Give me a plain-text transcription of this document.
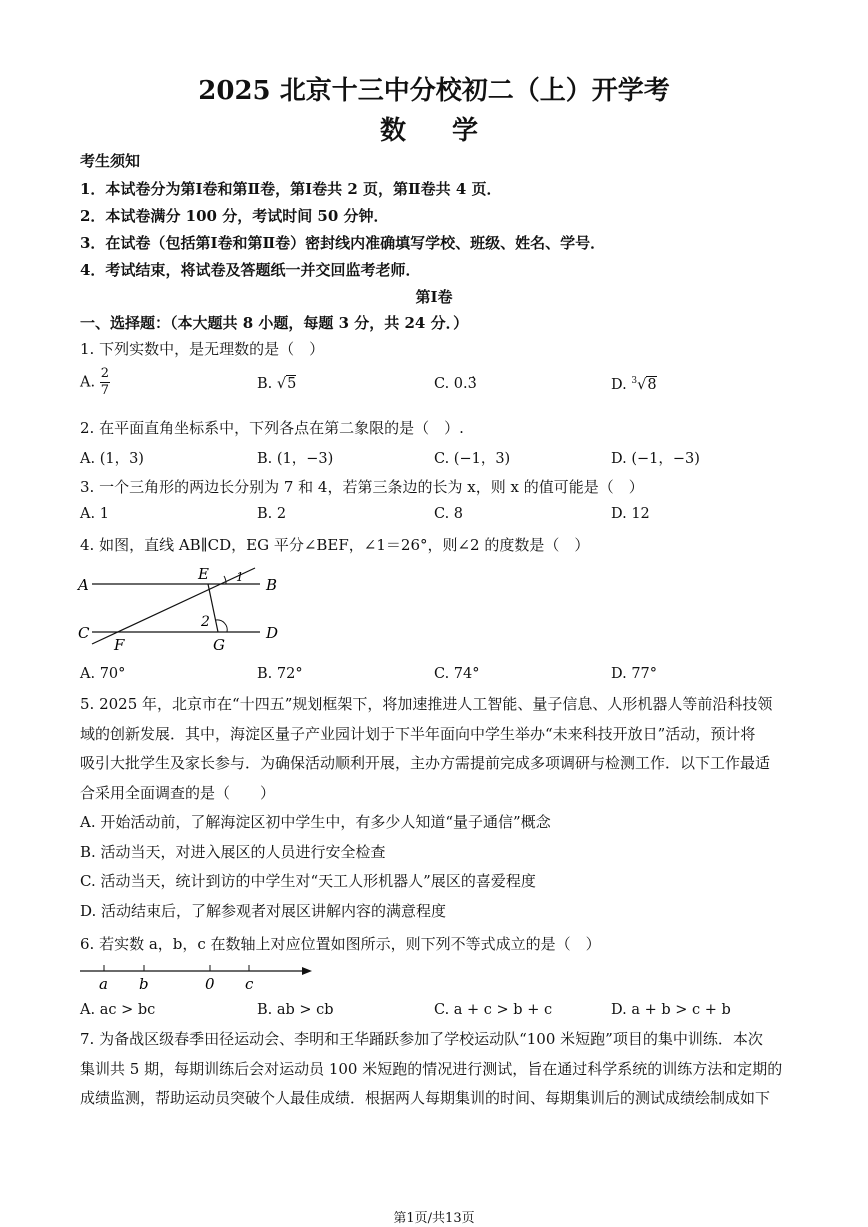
2025 北京十三中分校初二（上）开学考
数　学
考生须知
1．本试卷分为第Ⅰ卷和第Ⅱ卷，第Ⅰ卷共 2 页，第Ⅱ卷共 4 页．
2．本试卷满分 100 分，考试时间 50 分钟．
3．在试卷（包括第Ⅰ卷和第Ⅱ卷）密封线内准确填写学校、班级、姓名、学号．
4．考试结束，将试卷及答题纸一并交回监考老师．
第Ⅰ卷
一、选择题：（本大题共 8 小题，每题 3 分，共 24 分．）
1. 下列实数中，是无理数的是（　）
A. $\frac{2}{7}$	B. √5	C. 0.3̇	D. $^3$√8
2. 在平面直角坐标系中，下列各点在第二象限的是（　）.
A. (1，3)	B. (1，−3)	C. (−1，3)	D. (−1，−3)
3. 一个三角形的两边长分别为 7 和 4，若第三条边的长为 x，则 x 的值可能是（　）
A. 1	B. 2	C. 8	D. 12
4. 如图，直线 AB∥CD，EG 平分∠BEF，∠1＝26°，则∠2 的度数是（　）
A	B
C	D
E
F	G
1
2
A. 70°	B. 72°	C. 74°	D. 77°
5. 2025 年，北京市在“十四五”规划框架下，将加速推进人工智能、量子信息、人形机器人等前沿科技领
域的创新发展．其中，海淀区量子产业园计划于下半年面向中学生举办“未来科技开放日”活动，预计将
吸引大批学生及家长参与．为确保活动顺利开展，主办方需提前完成多项调研与检测工作．以下工作最适
合采用全面调查的是（　　）
A. 开始活动前，了解海淀区初中学生中，有多少人知道“量子通信”概念
B. 活动当天，对进入展区的人员进行安全检查
C. 活动当天，统计到访的中学生对“天工人形机器人”展区的喜爱程度
D. 活动结束后，了解参观者对展区讲解内容的满意程度
6. 若实数 a，b，c 在数轴上对应位置如图所示，则下列不等式成立的是（　）
a b	0 c
A. ac > bc	B. ab > cb	C. a + c > b + c	D. a + b > c + b
7. 为备战区级春季田径运动会、李明和王华踊跃参加了学校运动队“100 米短跑”项目的集中训练．本次
集训共 5 期，每期训练后会对运动员 100 米短跑的情况进行测试，旨在通过科学系统的训练方法和定期的
成绩监测，帮助运动员突破个人最佳成绩．根据两人每期集训的时间、每期集训后的测试成绩绘制成如下
第1页/共13页
